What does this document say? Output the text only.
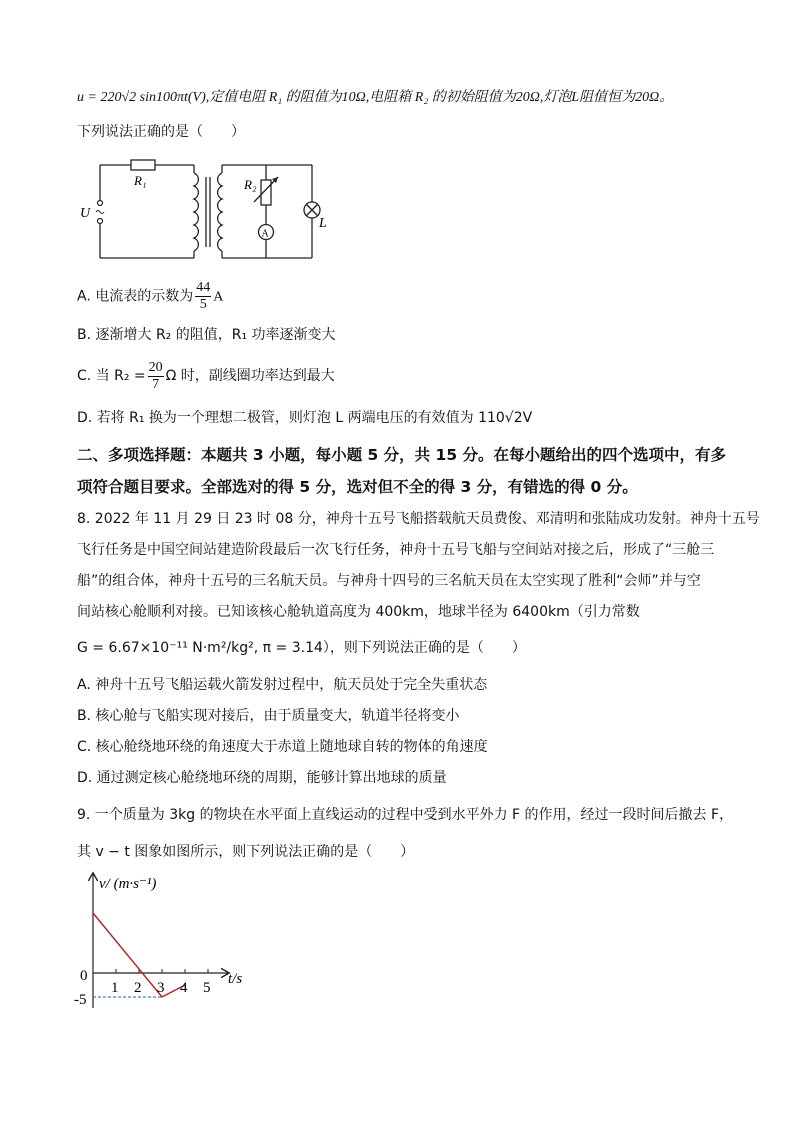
u = 220√2 sin100πt(V),定值电阻 R₁ 的阻值为10Ω,电阻箱 R₂ 的初始阻值为20Ω,灯泡L阻值恒为20Ω。
下列说法正确的是（　　）
R₁
U
R₂
A
L
A. 电流表的示数为 $\frac{44}{5}$ A
B. 逐渐增大 R₂ 的阻值，R₁ 功率逐渐变大
C. 当 $R_2 = \frac{20}{7}$ Ω 时，副线圈功率达到最大
D. 若将 R₁ 换为一个理想二极管，则灯泡 L 两端电压的有效值为 110√2V
二、多项选择题：本题共 3 小题，每小题 5 分，共 15 分。在每小题给出的四个选项中，有多
项符合题目要求。全部选对的得 5 分，选对但不全的得 3 分，有错选的得 0 分。
8. 2022 年 11 月 29 日 23 时 08 分，神舟十五号飞船搭载航天员费俊、邓清明和张陆成功发射。神舟十五号
飞行任务是中国空间站建造阶段最后一次飞行任务，神舟十五号飞船与空间站对接之后，形成了“三舱三
船”的组合体，神舟十五号的三名航天员。与神舟十四号的三名航天员在太空实现了胜利“会师”并与空
间站核心舱顺利对接。已知该核心舱轨道高度为 400km，地球半径为 6400km（引力常数
G = 6.67×10⁻¹¹ N·m²/kg², π = 3.14），则下列说法正确的是（　　）
A. 神舟十五号飞船运载火箭发射过程中，航天员处于完全失重状态
B. 核心舱与飞船实现对接后，由于质量变大，轨道半径将变小
C. 核心舱绕地环绕的角速度大于赤道上随地球自转的物体的角速度
D. 通过测定核心舱绕地环绕的周期，能够计算出地球的质量
9. 一个质量为 3kg 的物块在水平面上直线运动的过程中受到水平外力 F 的作用，经过一段时间后撤去 F，
其 v − t 图象如图所示，则下列说法正确的是（　　）
v/ (m·s⁻¹)
t/s
0
-5
1 2 3 4 5
